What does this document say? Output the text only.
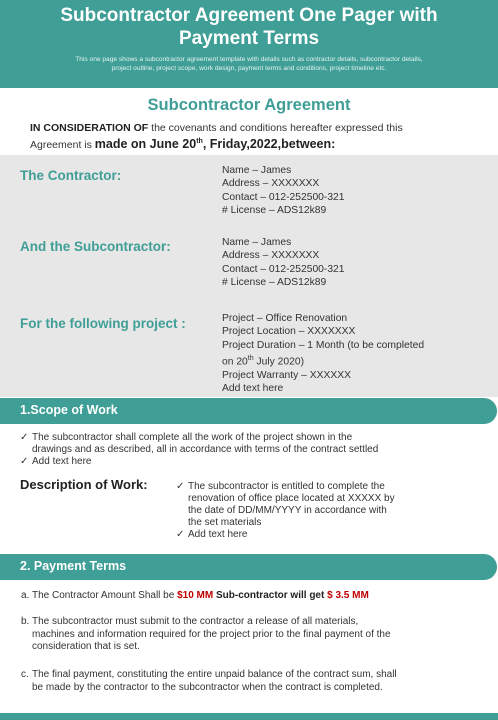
Subcontractor Agreement One Pager with
Payment Terms
This one page shows a subcontractor agreement template with details such as contractor details, subcontractor details,
project outline, project scope, work design, payment terms and conditions, project timeline etc.
Subcontractor Agreement
IN CONSIDERATION OF the covenants and conditions hereafter expressed this
Agreement is made on June 20th, Friday,2022,between:
The Contractor:	Name – James
Address – XXXXXXX
Contact – 012-252500-321
# License – ADS12k89
And the Subcontractor:	Name – James
Address – XXXXXXX
Contact – 012-252500-321
# License – ADS12k89
For the following project :	Project – Office Renovation
Project Location – XXXXXXX
Project Duration – 1 Month (to be completed
on 20th July 2020)
Project Warranty – XXXXXX
Add text here
1.Scope of Work
✓ The subcontractor shall complete all the work of the project shown in the
drawings and as described, all in accordance with terms of the contract settled
✓ Add text here
Description of Work:	✓ The subcontractor is entitled to complete the
renovation of office place located at XXXXX by
the date of DD/MM/YYYY in accordance with
the set materials
✓ Add text here
2. Payment Terms
a. The Contractor Amount Shall be $10 MM Sub-contractor will get $ 3.5 MM
b. The subcontractor must submit to the contractor a release of all materials,
machines and information required for the project prior to the final payment of the
consideration that is set.
c. The final payment, constituting the entire unpaid balance of the contract sum, shall
be made by the contractor to the subcontractor when the contract is completed.
